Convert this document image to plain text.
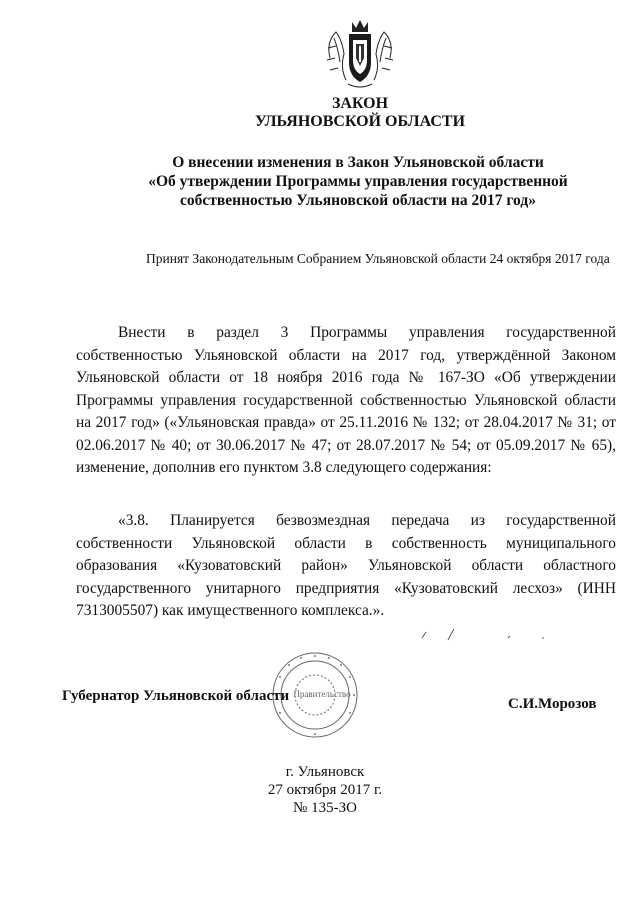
ЗАКОН
УЛЬЯНОВСКОЙ ОБЛАСТИ
О внесении изменения в Закон Ульяновской области
«Об утверждении Программы управления государственной
собственностью Ульяновской области на 2017 год»
Принят Законодательным Собранием Ульяновской области 24 октября 2017 года
Внести в раздел 3 Программы управления государственной собственностью Ульяновской области на 2017 год, утверждённой Законом Ульяновской области от 18 ноября 2016 года № 167-ЗО «Об утверждении Программы управления государственной собственностью Ульяновской области на 2017 год» («Ульяновская правда» от 25.11.2016 № 132; от 28.04.2017 № 31; от 02.06.2017 № 40; от 30.06.2017 № 47; от 28.07.2017 № 54; от 05.09.2017 № 65), изменение, дополнив его пунктом 3.8 следующего содержания:
«3.8. Планируется безвозмездная передача из государственной собственности Ульяновской области в собственность муниципального образования «Кузоватовский район» Ульяновской области областного государственного унитарного предприятия «Кузоватовский лесхоз» (ИНН 7313005507) как имущественного комплекса.».
Правительство
Губернатор Ульяновской области	С.И.Морозов
г. Ульяновск
27 октября 2017 г.
№ 135-ЗО
